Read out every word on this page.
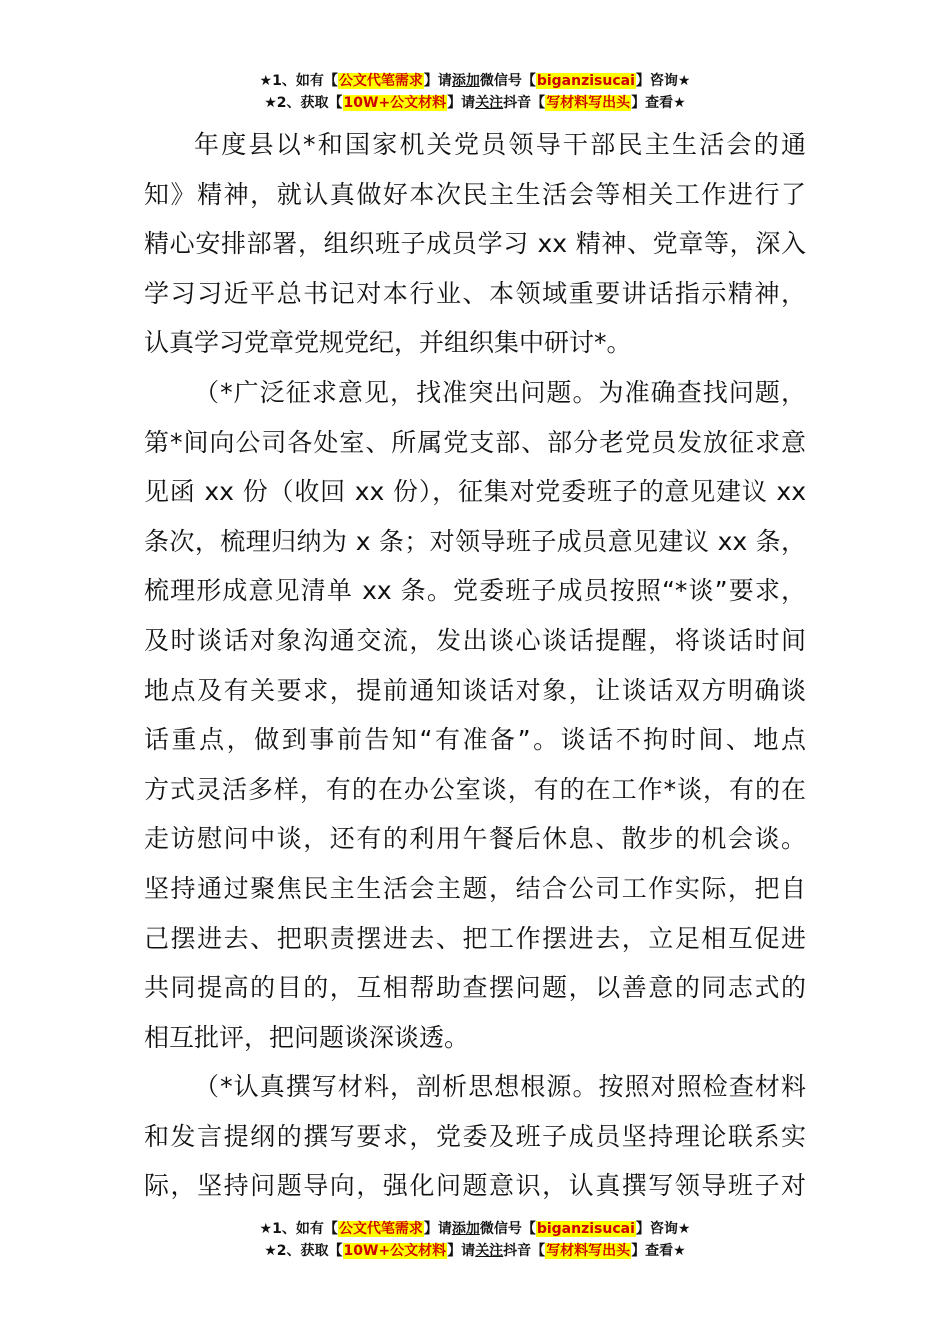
★1、如有【公文代笔需求】请添加微信号【biganzisucai】咨询★
★2、获取【10W+公文材料】请关注抖音【写材料写出头】查看★
年度县以*和国家机关党员领导干部民主生活会的通
知》精神，就认真做好本次民主生活会等相关工作进行了
精心安排部署，组织班子成员学习 xx 精神、党章等，深入
学习习近平总书记对本行业、本领域重要讲话指示精神，
认真学习党章党规党纪，并组织集中研讨*。
（*广泛征求意见，找准突出问题。为准确查找问题，
第*间向公司各处室、所属党支部、部分老党员发放征求意
见函 xx 份（收回 xx 份），征集对党委班子的意见建议 xx
条次，梳理归纳为 x 条；对领导班子成员意见建议 xx 条，
梳理形成意见清单 xx 条。党委班子成员按照“*谈”要求，
及时谈话对象沟通交流，发出谈心谈话提醒，将谈话时间
地点及有关要求，提前通知谈话对象，让谈话双方明确谈
话重点，做到事前告知“有准备”。谈话不拘时间、地点
方式灵活多样，有的在办公室谈，有的在工作*谈，有的在
走访慰问中谈，还有的利用午餐后休息、散步的机会谈。
坚持通过聚焦民主生活会主题，结合公司工作实际，把自
己摆进去、把职责摆进去、把工作摆进去，立足相互促进
共同提高的目的，互相帮助查摆问题，以善意的同志式的
相互批评，把问题谈深谈透。
（*认真撰写材料，剖析思想根源。按照对照检查材料
和发言提纲的撰写要求，党委及班子成员坚持理论联系实
际，坚持问题导向，强化问题意识，认真撰写领导班子对
★1、如有【公文代笔需求】请添加微信号【biganzisucai】咨询★
★2、获取【10W+公文材料】请关注抖音【写材料写出头】查看★
